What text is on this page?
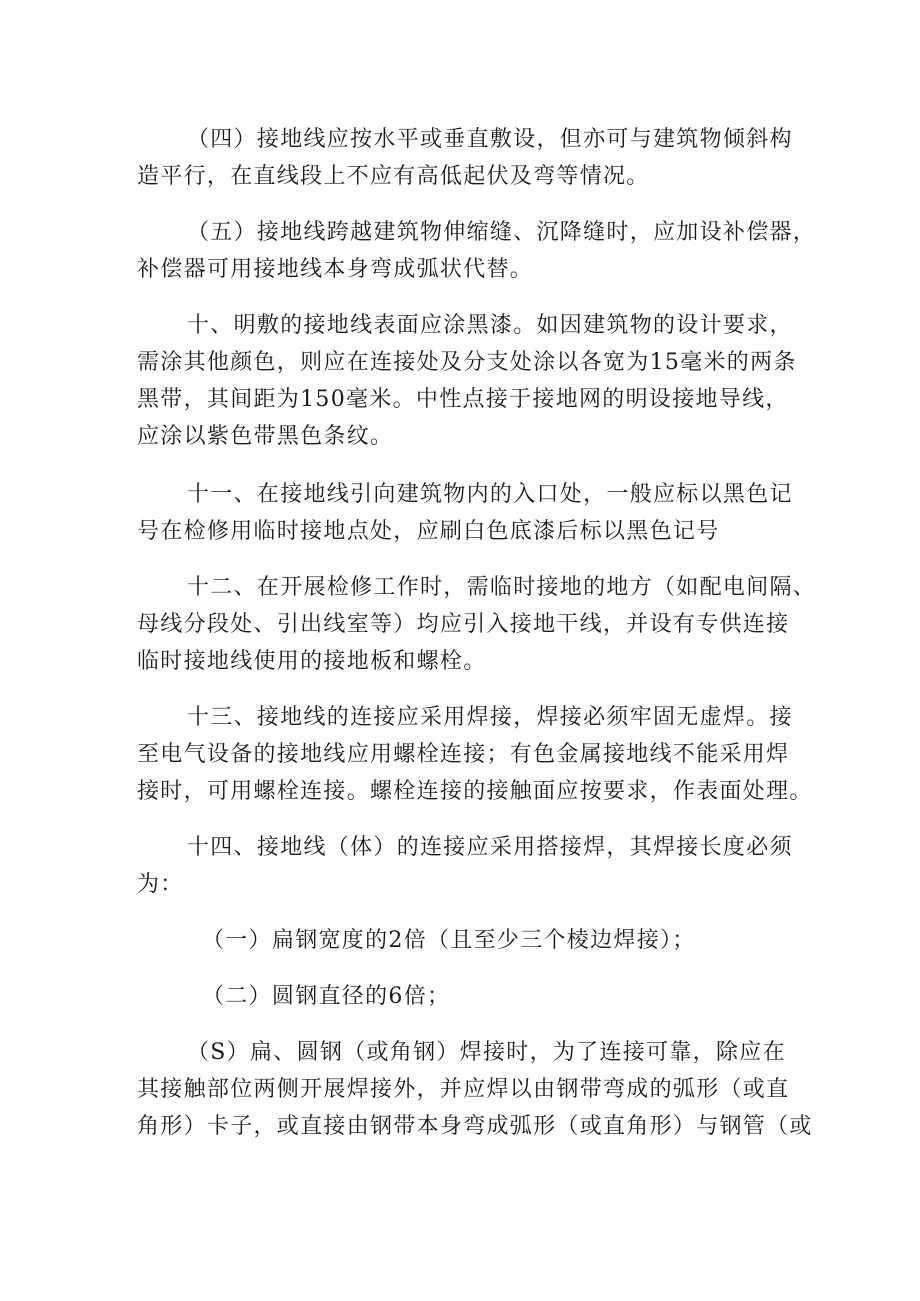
（四）接地线应按水平或垂直敷设，但亦可与建筑物倾斜构
造平行，在直线段上不应有高低起伏及弯等情况。
（五）接地线跨越建筑物伸缩缝、沉降缝时，应加设补偿器，
补偿器可用接地线本身弯成弧状代替。
十、明敷的接地线表面应涂黑漆。如因建筑物的设计要求，
需涂其他颜色，则应在连接处及分支处涂以各宽为15毫米的两条
黑带，其间距为150毫米。中性点接于接地网的明设接地导线，
应涂以紫色带黑色条纹。
十一、在接地线引向建筑物内的入口处，一般应标以黑色记
号在检修用临时接地点处，应刷白色底漆后标以黑色记号
十二、在开展检修工作时，需临时接地的地方（如配电间隔、
母线分段处、引出线室等）均应引入接地干线，并设有专供连接
临时接地线使用的接地板和螺栓。
十三、接地线的连接应采用焊接，焊接必须牢固无虚焊。接
至电气设备的接地线应用螺栓连接；有色金属接地线不能采用焊
接时，可用螺栓连接。螺栓连接的接触面应按要求，作表面处理。
十四、接地线（体）的连接应采用搭接焊，其焊接长度必须
为：
（一）扁钢宽度的2倍（且至少三个棱边焊接）；
（二）圆钢直径的6倍；
（S）扁、圆钢（或角钢）焊接时，为了连接可靠，除应在
其接触部位两侧开展焊接外，并应焊以由钢带弯成的弧形（或直
角形）卡子，或直接由钢带本身弯成弧形（或直角形）与钢管（或
